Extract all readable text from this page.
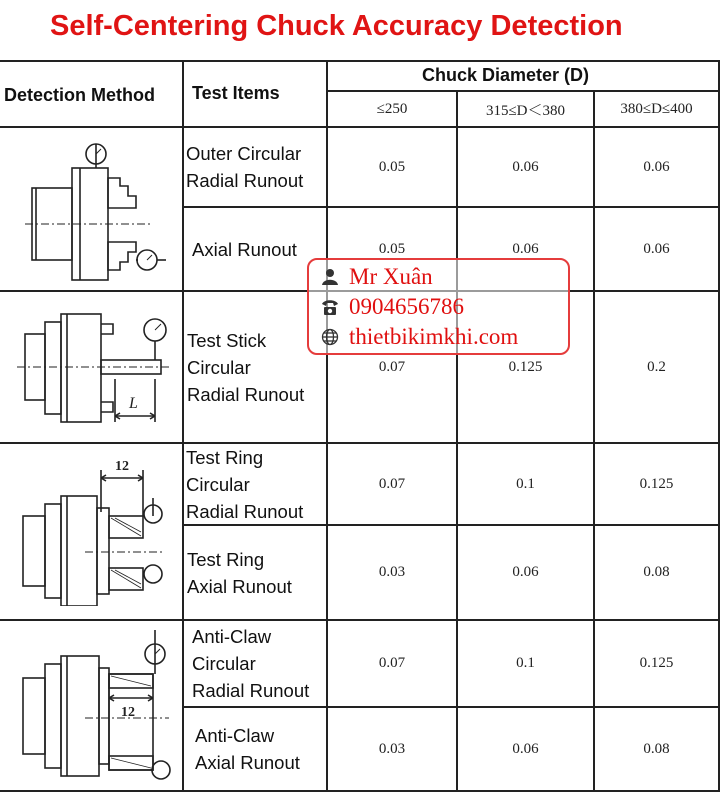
Self-Centering Chuck Accuracy Detection
Detection Method Test Items
Chuck Diameter (D)
≤250	315≤D＜380	380≤D≤400
Outer Circular
Radial Runout
0.05	0.06	0.06
Axial Runout	0.05	0.06	0.06
Test Stick
Circular
Radial Runout
0.07	0.125	0.2
Test Ring
Circular
Radial Runout
0.07	0.1	0.125
Test Ring
Axial Runout
0.03	0.06	0.08
Anti-Claw
Circular
Radial Runout
0.07	0.1	0.125
Anti-Claw
Axial Runout
0.03	0.06	0.08
L
12
12
Mr Xuân
0904656786
thietbikimkhi.com
